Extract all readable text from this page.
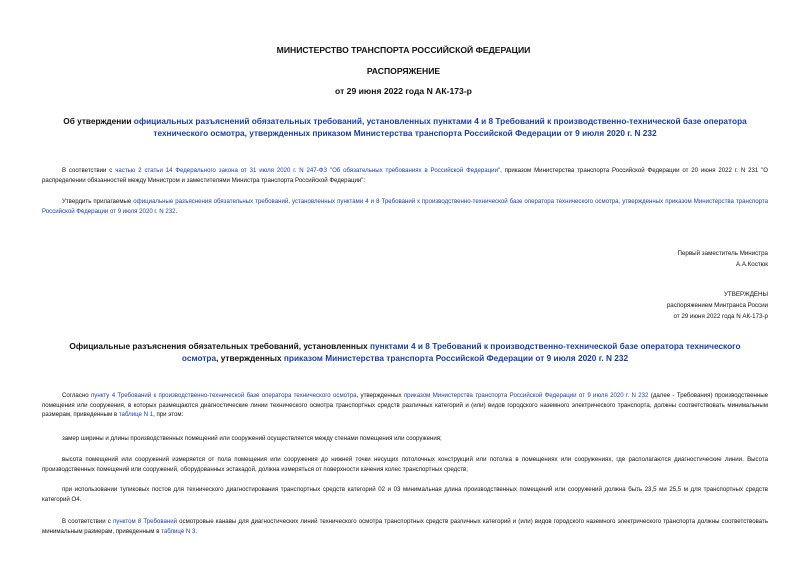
МИНИСТЕРСТВО ТРАНСПОРТА РОССИЙСКОЙ ФЕДЕРАЦИИ
РАСПОРЯЖЕНИЕ
от 29 июня 2022 года N АК-173-р
Об утверждении официальных разъяснений обязательных требований, установленных пунктами 4 и 8 Требований к производственно-технической базе оператора технического осмотра, утвержденных приказом Министерства транспорта Российской Федерации от 9 июля 2020 г. N 232
В соответствии с частью 2 статьи 14 Федерального закона от 31 июля 2020 г. N 247-ФЗ "Об обязательных требованиях в Российской Федерации", приказом Министерства транспорта Российской Федерации от 20 июня 2022 г. N 231 "О распределении обязанностей между Министром и заместителями Министра транспорта Российской Федерации":
Утвердить прилагаемые официальные разъяснения обязательных требований, установленных пунктами 4 и 8 Требований к производственно-технической базе оператора технического осмотра, утвержденных приказом Министерства транспорта Российской Федерации от 9 июля 2020 г. N 232.
Первый заместитель Министра
А.А.Костюк
УТВЕРЖДЕНЫ
распоряжением Минтранса России
от 29 июня 2022 года N АК-173-р
Официальные разъяснения обязательных требований, установленных пунктами 4 и 8 Требований к производственно-технической базе оператора технического осмотра, утвержденных приказом Министерства транспорта Российской Федерации от 9 июля 2020 г. N 232
Согласно пункту 4 Требований к производственно-технической базе оператора технического осмотра, утвержденных приказом Министерства транспорта Российской Федерации от 9 июля 2020 г. N 232 (далее - Требования) производственные помещения или сооружения, в которых размещаются диагностические линии технического осмотра транспортных средств различных категорий и (или) видов городского наземного электрического транспорта, должны соответствовать минимальным размерам, приведенным в таблице N 1, при этом:
замер ширины и длины производственных помещений или сооружений осуществляется между стенами помещения или сооружения;
высота помещений или сооружений измеряется от пола помещения или сооружения до нижней точки несущих потолочных конструкций или потолка в помещениях или сооружениях, где располагаются диагностические линии. Высота производственных помещений или сооружений, оборудованных эстакадой, должна измеряться от поверхности качения колес транспортных средств;
при использовании тупиковых постов для технического диагностирования транспортных средств категорий 02 и 03 минимальная длина производственных помещений или сооружений должна быть 23,5 ми 25,5 м для транспортных средств категорий О4.
В соответствии с пунктом 8 Требований осмотровые канавы для диагностических линий технического осмотра транспортных средств различных категорий и (или) видов городского наземного электрического транспорта должны соответствовать минимальным размерам, приведенным в таблице N 3.
